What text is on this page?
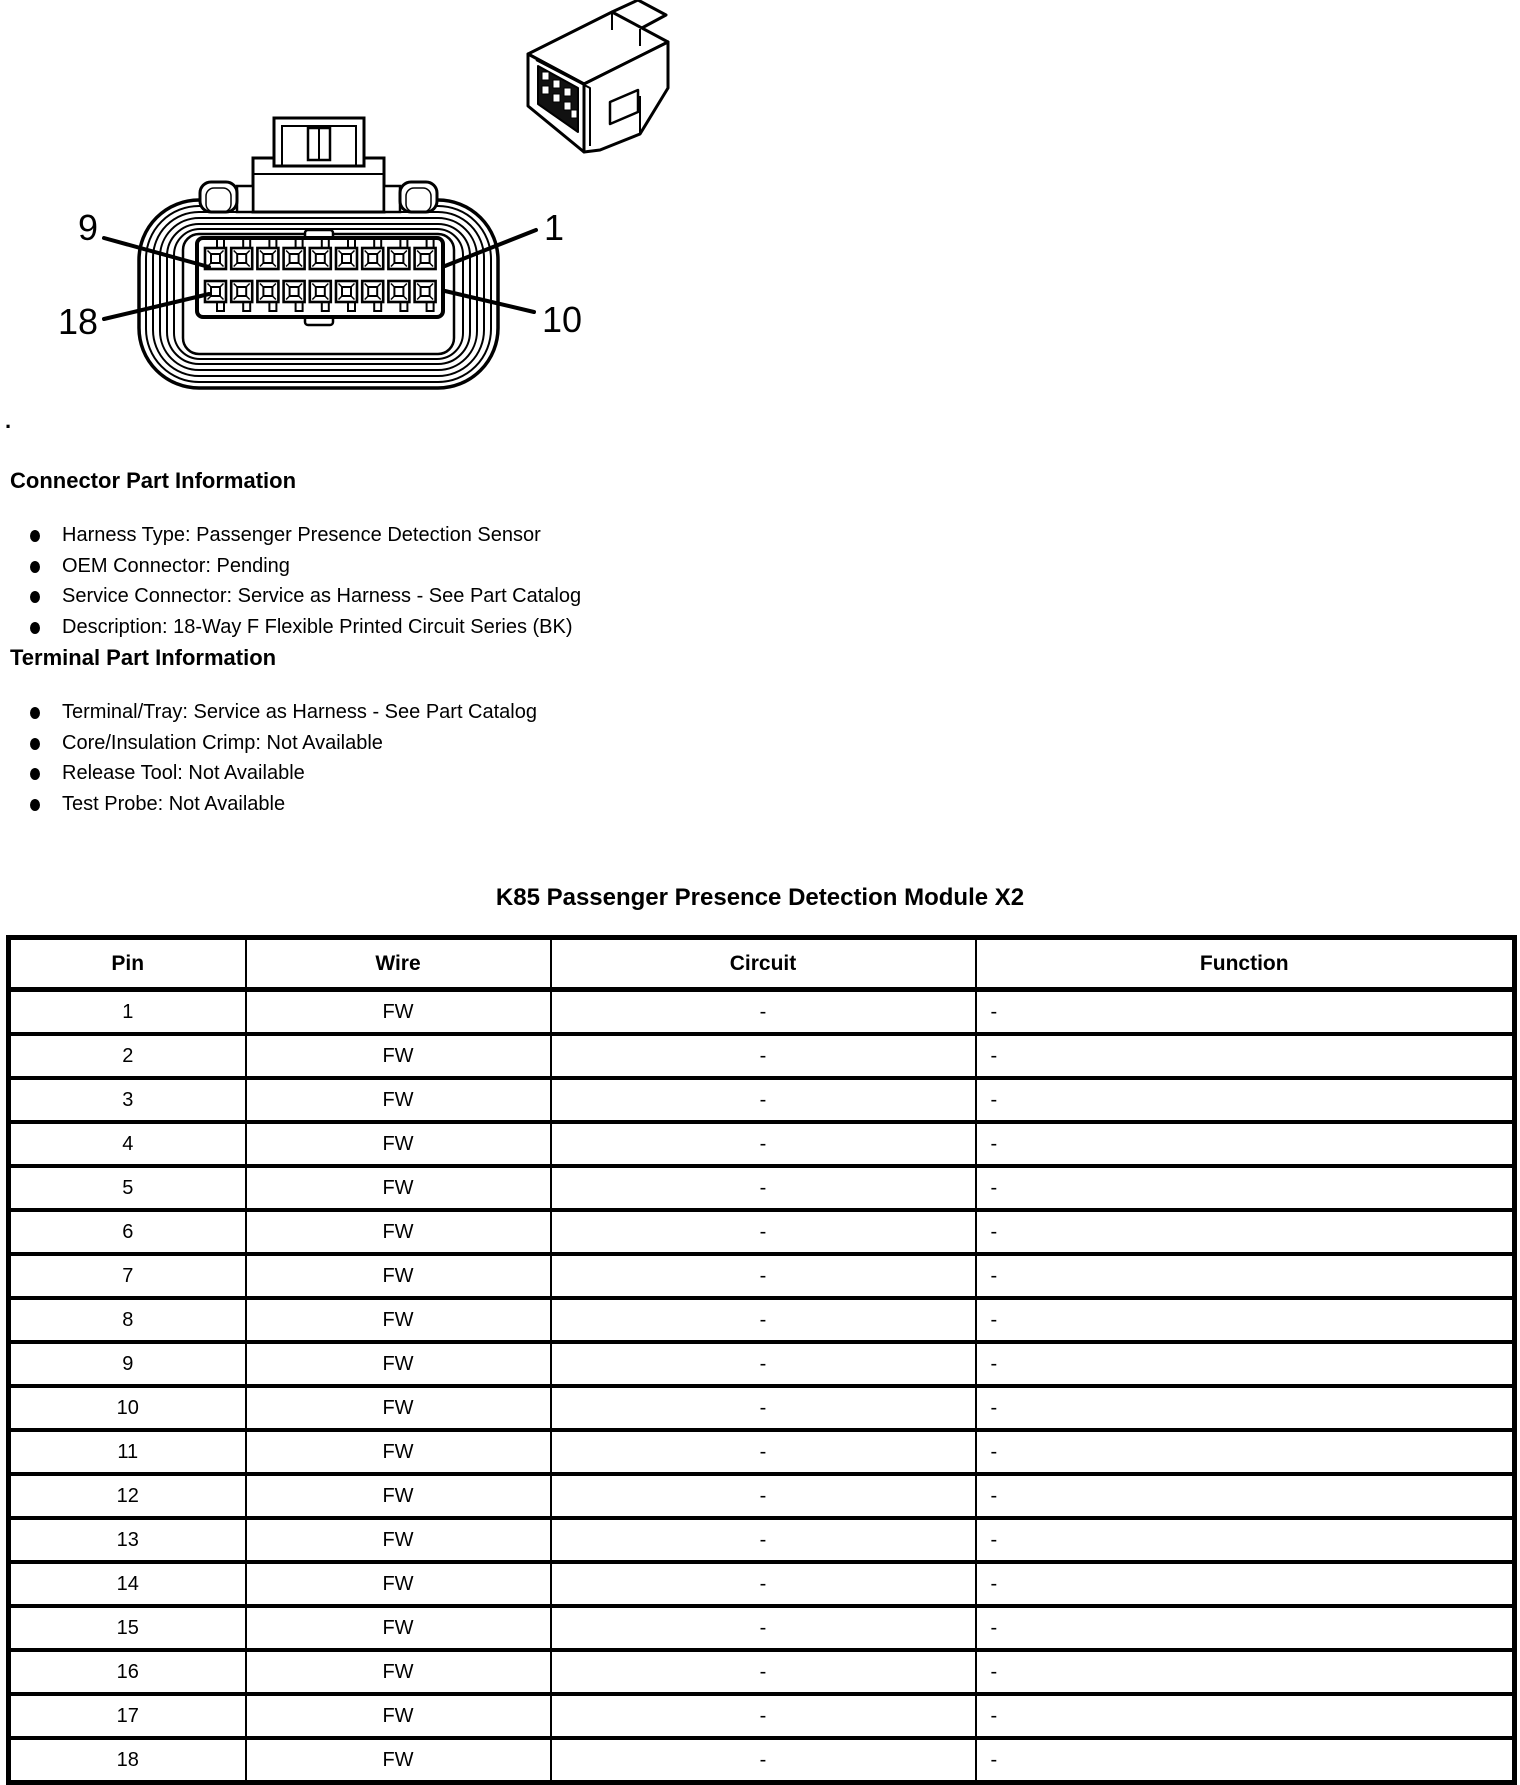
9	1
18	10
.
Connector Part Information
Harness Type: Passenger Presence Detection Sensor
OEM Connector: Pending
Service Connector: Service as Harness - See Part Catalog
Description: 18-Way F Flexible Printed Circuit Series (BK)
Terminal Part Information
Terminal/Tray: Service as Harness - See Part Catalog
Core/Insulation Crimp: Not Available
Release Tool: Not Available
Test Probe: Not Available
K85 Passenger Presence Detection Module X2
Pin	Wire	Circuit	Function
1	FW	-	-
2	FW	-	-
3	FW	-	-
4	FW	-	-
5	FW	-	-
6	FW	-	-
7	FW	-	-
8	FW	-	-
9	FW	-	-
10	FW	-	-
11	FW	-	-
12	FW	-	-
13	FW	-	-
14	FW	-	-
15	FW	-	-
16	FW	-	-
17	FW	-	-
18	FW	-	-
